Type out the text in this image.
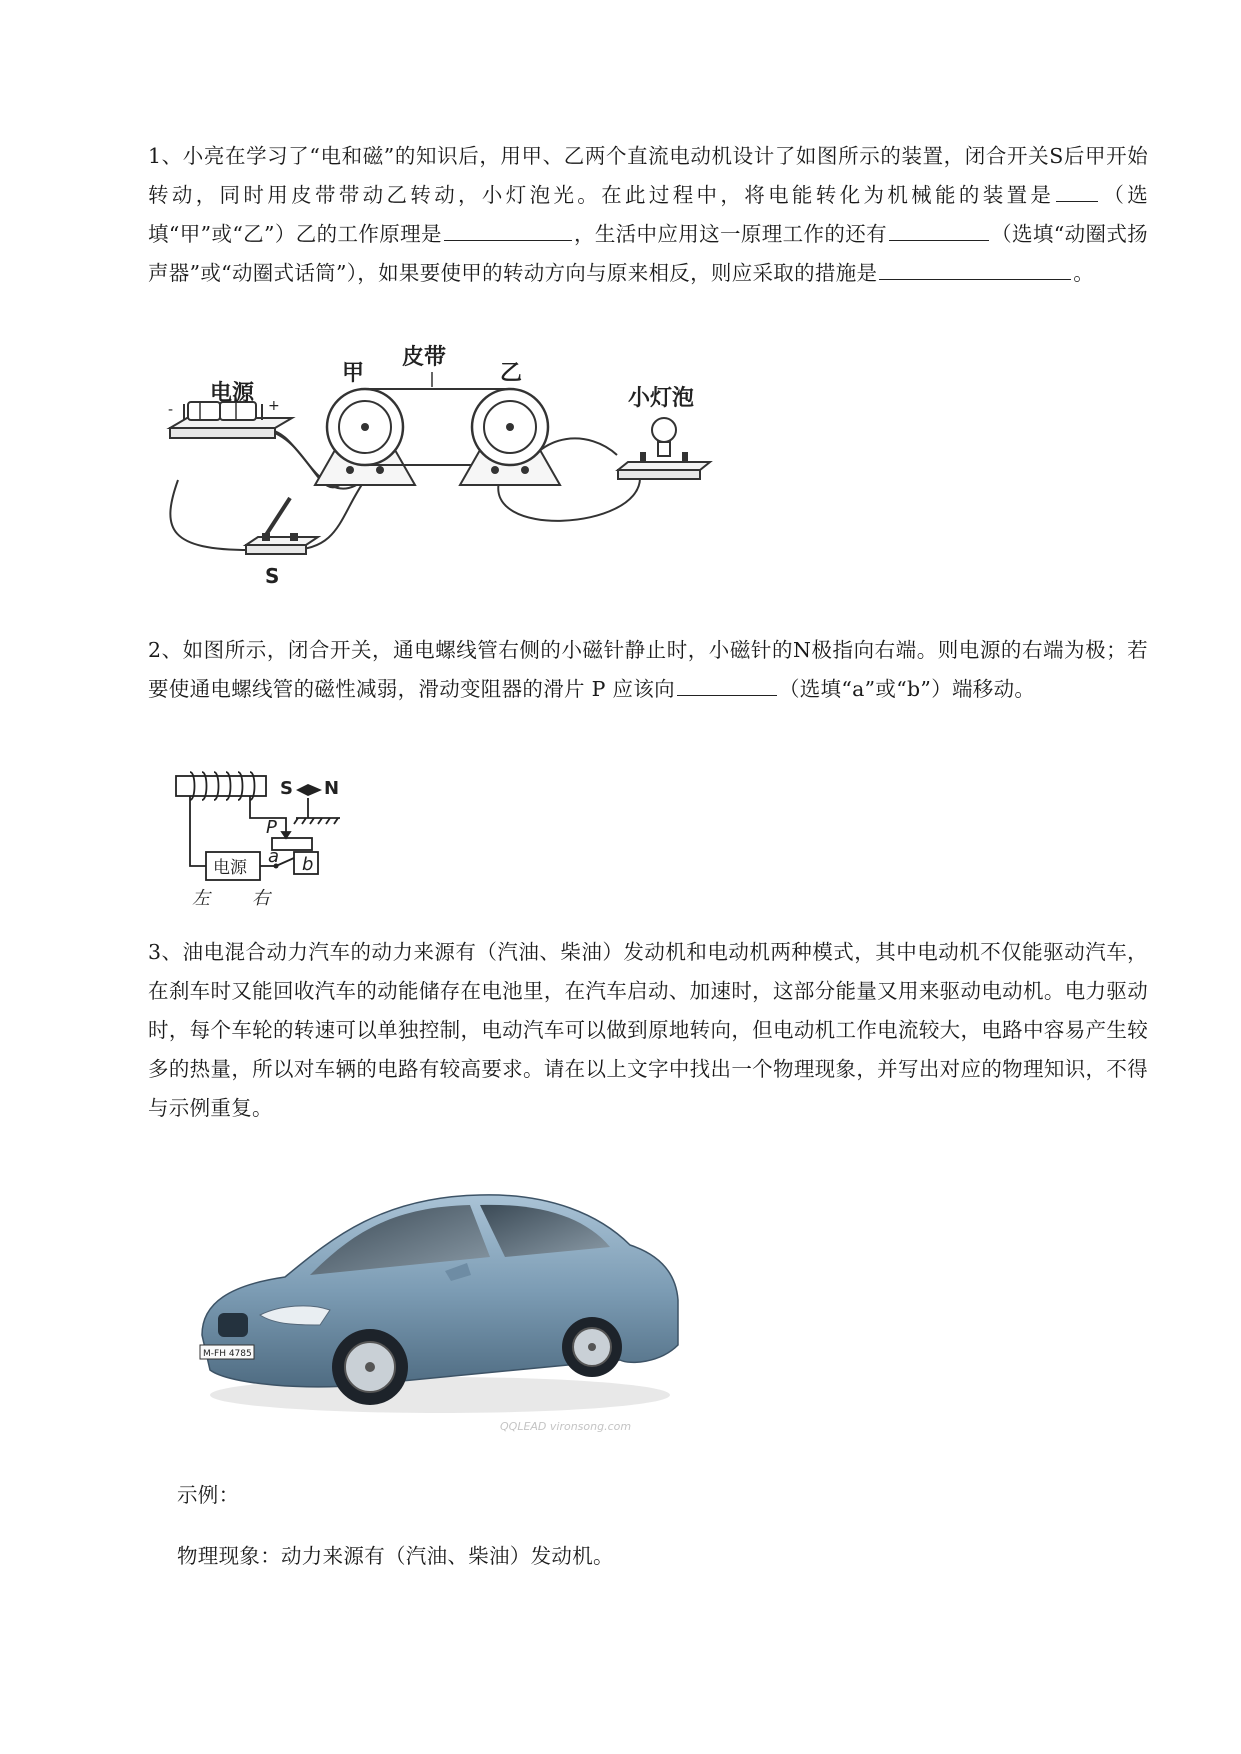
1、小亮在学习了“电和磁”的知识后，用甲、乙两个直流电动机设计了如图所示的装置，闭合开关S后甲开始转动，同时用皮带带动乙转动，小灯泡光。在此过程中，将电能转化为机械能的装置是 （选填“甲”或“乙”）乙的工作原理是	，生活中应用这一原理工作的还有	（选填“动圈式扬声器”或“动圈式话筒”），如果要使甲的转动方向与原来相反，则应采取的措施是	。
-	+
电源
S
甲
皮带
乙
小灯泡
2、如图所示，闭合开关，通电螺线管右侧的小磁针静止时，小磁针的N极指向右端。则电源的右端为极；若要使通电螺线管的磁性减弱，滑动变阻器的滑片 P 应该向	（选填“a”或“b”）端移动。
S N
P
a b
电源
左 右
3、油电混合动力汽车的动力来源有（汽油、柴油）发动机和电动机两种模式，其中电动机不仅能驱动汽车，在刹车时又能回收汽车的动能储存在电池里，在汽车启动、加速时，这部分能量又用来驱动电动机。电力驱动时，每个车轮的转速可以单独控制，电动汽车可以做到原地转向，但电动机工作电流较大，电路中容易产生较多的热量，所以对车辆的电路有较高要求。请在以上文字中找出一个物理现象，并写出对应的物理知识，不得与示例重复。
M-FH 4785
QQLEAD vironsong.com
示例：
物理现象：动力来源有（汽油、柴油）发动机。
